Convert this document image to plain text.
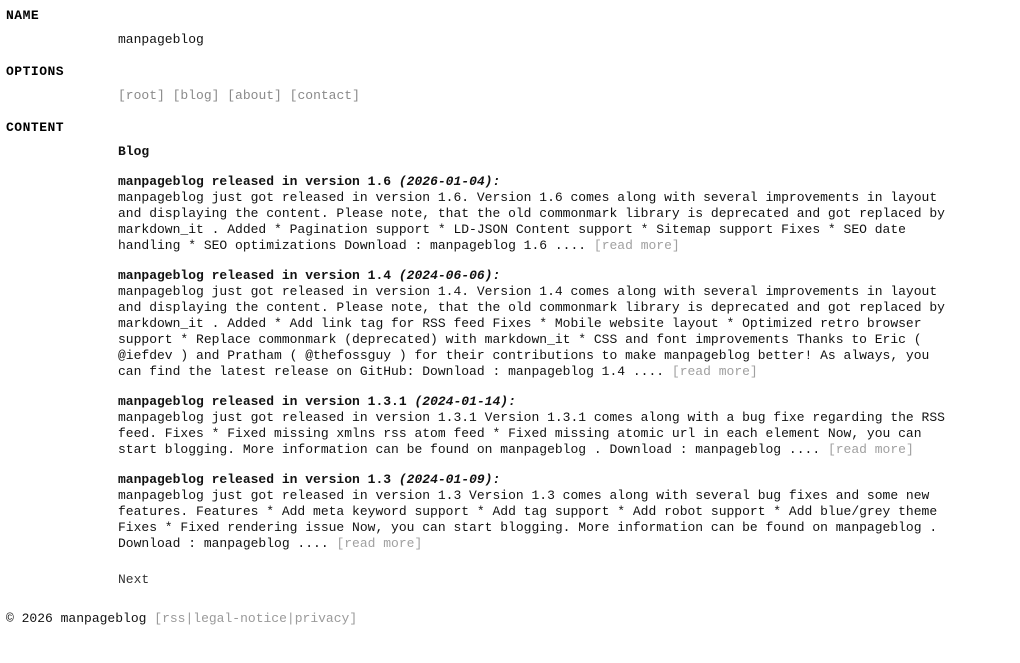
NAME
manpageblog
OPTIONS
[root] [blog] [about] [contact]
CONTENT
Blog
manpageblog released in version 1.6 (2026-01-04):
manpageblog just got released in version 1.6. Version 1.6 comes along with several improvements in layout and displaying the content. Please note, that the old commonmark library is deprecated and got replaced by markdown_it . Added * Pagination support * LD-JSON Content support * Sitemap support Fixes * SEO date handling * SEO optimizations Download : manpageblog 1.6 .... [read more]
manpageblog released in version 1.4 (2024-06-06):
manpageblog just got released in version 1.4. Version 1.4 comes along with several improvements in layout and displaying the content. Please note, that the old commonmark library is deprecated and got replaced by markdown_it . Added * Add link tag for RSS feed Fixes * Mobile website layout * Optimized retro browser support * Replace commonmark (deprecated) with markdown_it * CSS and font improvements Thanks to Eric ( @iefdev ) and Pratham ( @thefossguy ) for their contributions to make manpageblog better! As always, you can find the latest release on GitHub: Download : manpageblog 1.4 .... [read more]
manpageblog released in version 1.3.1 (2024-01-14):
manpageblog just got released in version 1.3.1 Version 1.3.1 comes along with a bug fixe regarding the RSS feed. Fixes * Fixed missing xmlns rss atom feed * Fixed missing atomic url in each element Now, you can start blogging. More information can be found on manpageblog . Download : manpageblog .... [read more]
manpageblog released in version 1.3 (2024-01-09):
manpageblog just got released in version 1.3 Version 1.3 comes along with several bug fixes and some new features. Features * Add meta keyword support * Add tag support * Add robot support * Add blue/grey theme Fixes * Fixed rendering issue Now, you can start blogging. More information can be found on manpageblog . Download : manpageblog .... [read more]
Next
© 2026 manpageblog [rss|legal-notice|privacy]
